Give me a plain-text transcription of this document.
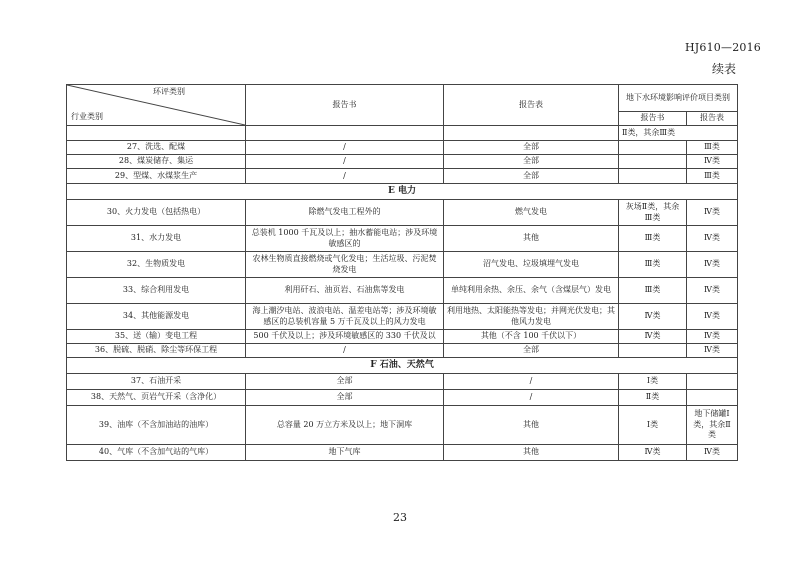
HJ610—2016
续表
环评类别
行业类别	报告书	报告表	地下水环境影响评价项目类别	
			报告书	报告表
			Ⅱ类，其余Ⅲ类	
27、洗选、配煤	/	全部		Ⅲ类
28、煤炭储存、集运	/	全部		Ⅳ类
29、型煤、水煤浆生产	/	全部		Ⅲ类
E 电力				
30、火力发电（包括热电）	除燃气发电工程外的	燃气发电	灰场Ⅱ类，其余Ⅲ类	Ⅳ类
31、水力发电	总装机 1000 千瓦及以上；抽水蓄能电站；涉及环境敏感区的	其他	Ⅲ类	Ⅳ类
32、生物质发电	农林生物质直接燃烧或气化发电；生活垃圾、污泥焚烧发电	沼气发电、垃圾填埋气发电	Ⅲ类	Ⅳ类
33、综合利用发电	利用矸石、油页岩、石油焦等发电	单纯利用余热、余压、余气（含煤层气）发电	Ⅲ类	Ⅳ类
34、其他能源发电	海上潮汐电站、波浪电站、温差电站等；涉及环境敏感区的总装机容量 5 万千瓦及以上的风力发电	利用地热、太阳能热等发电；并网光伏发电；其他风力发电	Ⅳ类	Ⅳ类
35、送（输）变电工程	500 千伏及以上；涉及环境敏感区的 330 千伏及以	其他（不含 100 千伏以下）	Ⅳ类	Ⅳ类
36、脱硫、脱硝、除尘等环保工程	/	全部		Ⅳ类
F 石油、天然气				
37、石油开采	全部	/	Ⅰ类	
38、天然气、页岩气开采（含净化）	全部	/	Ⅱ类	
39、油库（不含加油站的油库）	总容量 20 万立方米及以上；地下洞库	其他	Ⅰ类	地下储罐Ⅰ类，其余Ⅱ类
40、气库（不含加气站的气库）	地下气库	其他	Ⅳ类	Ⅳ类
23
